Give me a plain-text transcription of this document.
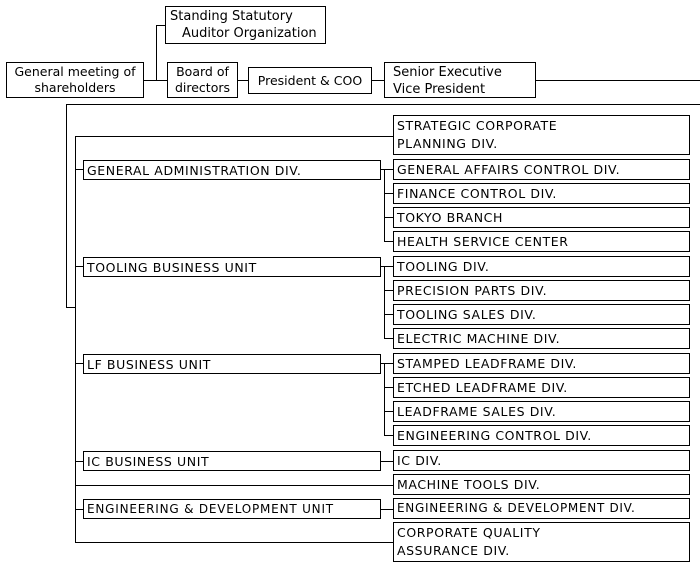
Standing Statutory
Auditor Organization
General meeting of
shareholders
Board of
directors	President & COO
Senior Executive
Vice President
GENERAL ADMINISTRATION DIV.
TOOLING BUSINESS UNIT
LF BUSINESS UNIT
IC BUSINESS UNIT
ENGINEERING & DEVELOPMENT UNIT
STRATEGIC CORPORATE
PLANNING DIV.
GENERAL AFFAIRS CONTROL DIV.
FINANCE CONTROL DIV.
TOKYO BRANCH
HEALTH SERVICE CENTER
TOOLING DIV.
PRECISION PARTS DIV.
TOOLING SALES DIV.
ELECTRIC MACHINE DIV.
STAMPED LEADFRAME DIV.
ETCHED LEADFRAME DIV.
LEADFRAME SALES DIV.
ENGINEERING CONTROL DIV.
IC DIV.
MACHINE TOOLS DIV.
ENGINEERING & DEVELOPMENT DIV.
CORPORATE QUALITY
ASSURANCE DIV.
